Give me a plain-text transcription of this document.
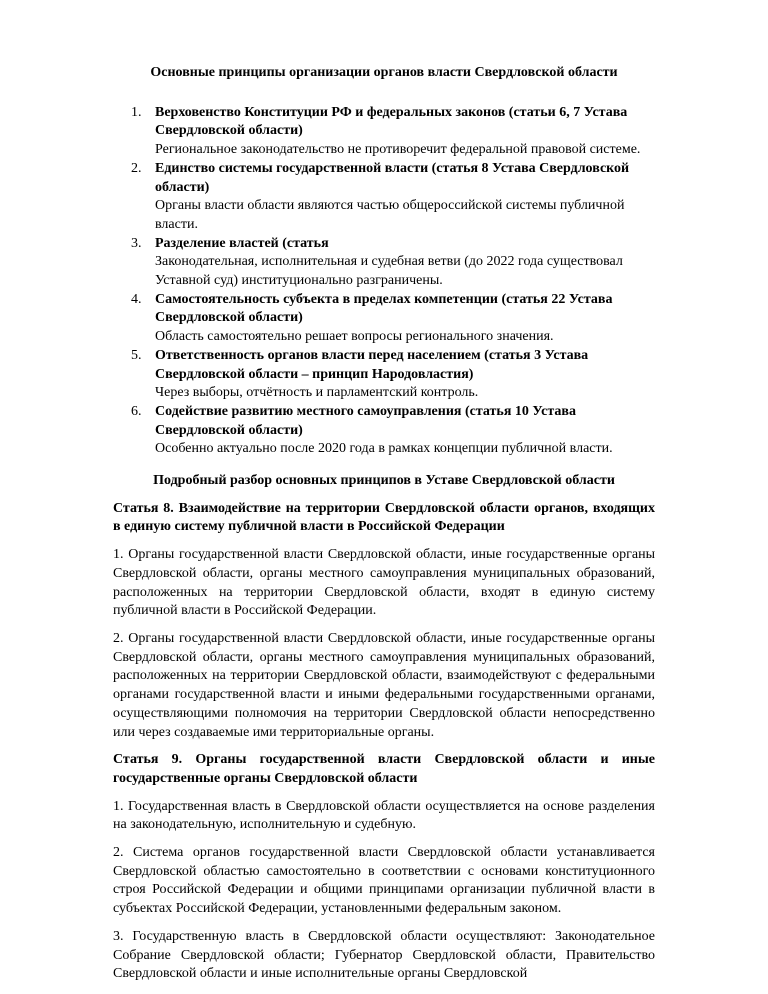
Основные принципы организации органов власти Свердловской области
1. Верховенство Конституции РФ и федеральных законов (статьи 6, 7 Устава Свердловской области)
Региональное законодательство не противоречит федеральной правовой системе.
2. Единство системы государственной власти (статья 8 Устава Свердловской области)
Органы власти области являются частью общероссийской системы публичной власти.
3. Разделение властей (статья
Законодательная, исполнительная и судебная ветви (до 2022 года существовал Уставной суд) институционально разграничены.
4. Самостоятельность субъекта в пределах компетенции (статья 22 Устава Свердловской области)
Область самостоятельно решает вопросы регионального значения.
5. Ответственность органов власти перед населением (статья 3 Устава Свердловской области – принцип Народовластия)
Через выборы, отчётность и парламентский контроль.
6. Содействие развитию местного самоуправления (статья 10 Устава Свердловской области)
Особенно актуально после 2020 года в рамках концепции публичной власти.
Подробный разбор основных принципов в Уставе Свердловской области
Статья 8. Взаимодействие на территории Свердловской области органов, входящих в единую систему публичной власти в Российской Федерации

1. Органы государственной власти Свердловской области, иные государственные органы Свердловской области, органы местного самоуправления муниципальных образований, расположенных на территории Свердловской области, входят в единую систему публичной власти в Российской Федерации.

2. Органы государственной власти Свердловской области, иные государственные органы Свердловской области, органы местного самоуправления муниципальных образований, расположенных на территории Свердловской области, взаимодействуют с федеральными органами государственной власти и иными федеральными государственными органами, осуществляющими полномочия на территории Свердловской области непосредственно или через создаваемые ими территориальные органы.

Статья 9. Органы государственной власти Свердловской области и иные государственные органы Свердловской области

1. Государственная власть в Свердловской области осуществляется на основе разделения на законодательную, исполнительную и судебную.

2. Система органов государственной власти Свердловской области устанавливается Свердловской областью самостоятельно в соответствии с основами конституционного строя Российской Федерации и общими принципами организации публичной власти в субъектах Российской Федерации, установленными федеральным законом.

3. Государственную власть в Свердловской области осуществляют: Законодательное Собрание Свердловской области; Губернатор Свердловской области, Правительство Свердловской области и иные исполнительные органы Свердловской
